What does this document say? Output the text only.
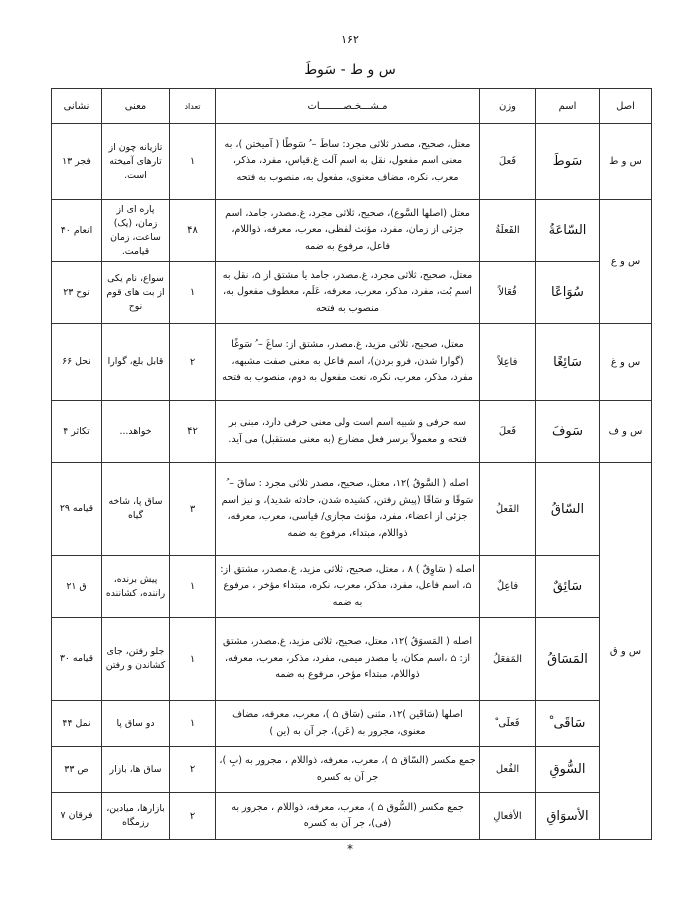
۱۶۲
س و ط - سَوطَ
اصل	اسم	وزن	مـشـــخـصــــــــات	تعداد	معنی	نشانی
س و ط	سَوطَ	فَعلَ	معتل، صحیح، مصدر ثلاثی مجرد: ساطَ – ُ سَوطًا ( آمیختن )، به معنی اسم مفعول، نقل به اسم آلت غ.قیاس، مفرد، مذکر، معرب، نکره، مضاف معنوی، مفعول به، منصوب به فتحه	۱	تازیانه چون از تارهای آمیخته است.	فجر ۱۳
س و ع	السّاعَةُ	الفَعلَةُ	معتل (اصلها السَّوع)، صحیح، ثلاثی مجرد، غ.مصدر، جامد، اسم جزئی از زمان، مفرد، مؤنث لفظی، معرب، معرفه، ذواللام، فاعل، مرفوع به ضمه	۴۸	پاره ای از زمان، (یک) ساعت، زمان قیامت.	انعام ۴۰
	سُوَاعًا	فُعَالاً	معتل، صحیح، ثلاثی مجرد، غ.مصدر، جامد یا مشتق از ⌂، نقل به اسم بُت، مفرد، مذکر، معرب، معرفه، عَلَم، معطوف مفعول به، منصوب به فتحه	۱	سواع، نام یکی از بت های قوم نوح	نوح ۲۳
س و غ	سَائِغًا	فاعِلاً	معتل، صحیح، ثلاثی مزید، غ.مصدر، مشتق از: ساغَ – ُ سَوغًا (گوارا شدن، فرو بردن)، اسم فاعل به معنی صفت مشبهه، مفرد، مذکر، معرب، نکره، نعت مفعول به دوم، منصوب به فتحه	۲	قابل بلع، گوارا	نحل ۶۶
س و ف	سَوفَ	فَعلَ	سه حرفی و شبیه اسم است ولی معنی حرفی دارد، مبنی بر فتحه و معمولاً برسر فعل مضارع (به معنی مستقبل) می آید.	۴۲	خواهد...	تکاثر ۴
س و ق	السّاقُ	الفَعلُ	اصله ( السَّوقُ )۱۲، معتل، صحیح، مصدر ثلاثی مجرد : ساقَ – ُ سَوقًا و سَاقًا (پیش رفتن، کشیده شدن، حادثه شدید)، و نیز اسم جزئی از اعضاء، مفرد، مؤنث مجازی/ قیاسی، معرب، معرفه، ذواللام، مبتداء، مرفوع به ضمه	۳	ساق پا، شاخه گیاه	قیامه ۲۹
	سَائِقٌ	فاعِلٌ	اصله ( سَاوِقٌ ) ۸ ، معتل، صحیح، ثلاثی مزید، غ.مصدر، مشتق از: ⌂، اسم فاعل، مفرد، مذکر، معرب، نکره، مبتداء مؤخر ، مرفوع به ضمه	۱	پیش برنده، راننده، کشاننده	ق ۲۱
	المَسَاقُ	المَفعَلُ	اصله ( المَسوَقُ )۱۲، معتل، صحیح، ثلاثی مزید، غ.مصدر، مشتق از: ⌂ ،اسم مکان، یا مصدر میمی، مفرد، مذکر، معرب، معرفه، ذواللام، مبتداء مؤخر، مرفوع به ضمه	۱	جلو رفتن، جای کشاندن و رفتن	قیامه ۳۰
	سَاقَی ْ	فَعلَی ْ	اصلها (سَاقَین )۱۲، مثنی (سَاق ⌂ )، معرب، معرفه، مضاف معنوی، مجرور به (عَن)، جر آن به (ین )	۱	دو ساق پا	نمل ۴۴
	السُّوقِ	الفُعل	جمع مکسر (السّاق ⌂ )، معرب، معرفه، ذواللام ، مجرور به (بِ )، جر آن به کسره	۲	ساق ها، بازار	ص ۳۳
	الأسوَاقِ	الأفعالِ	جمع مکسر (السُّوق ⌂ )، معرب، معرفه، ذواللام ، مجرور به (فی)، جر آن به کسره	۲	بازارها، میادین، رزمگاه	فرقان ۷
*
